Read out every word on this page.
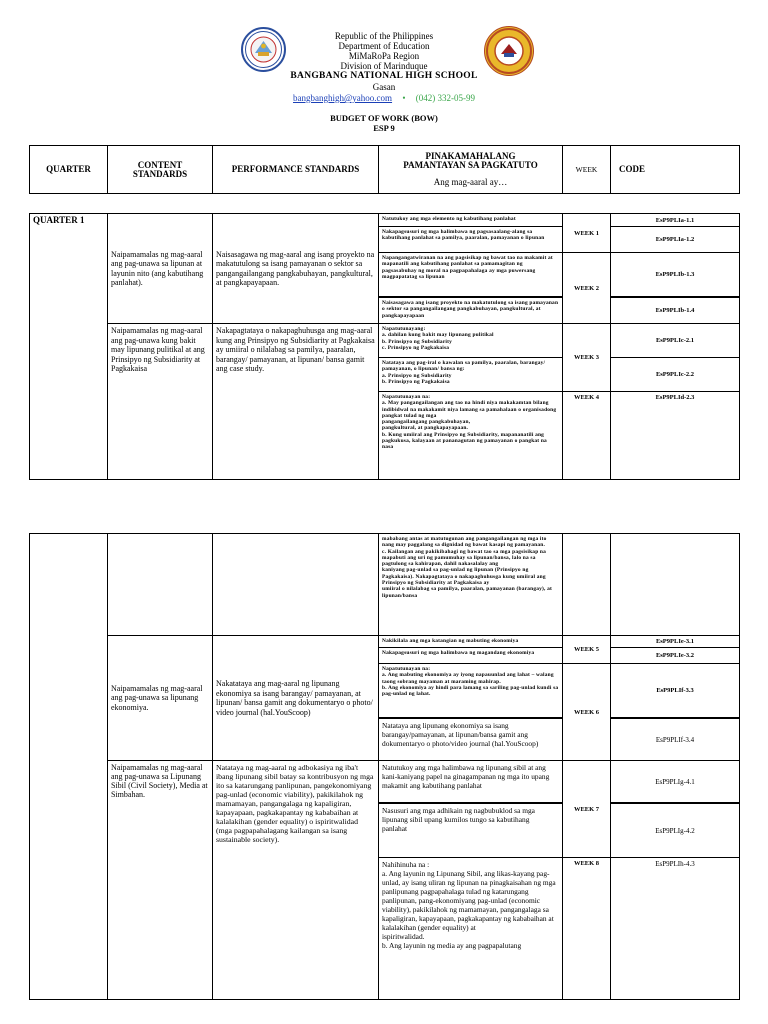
Republic of the Philippines
Department of Education
MiMaRoPa Region
Division of Marinduque
BANGBANG NATIONAL HIGH SCHOOL
Gasan
bangbanghigh@yahoo.com • (042) 332-05-99
BUDGET OF WORK (BOW)
ESP 9
QUARTER	CONTENT STANDARDS	PERFORMANCE STANDARDS	
PINAKAMAHALANG PAMANTAYAN SA PAGKATUTO
Ang mag-aaral ay…
	WEEK	CODE
QUARTER 1	Naipamamalas ng mag-aaral ang pag-unawa sa lipunan at layunin nito (ang kabutihang panlahat).	Naisasagawa ng mag-aaral ang isang proyekto na makatutulong sa isang pamayanan o sektor sa pangangailangang pangkabuhayan, pangkultural, at pangkapayapaan.	Natutukoy ang mga elemento ng kabutihang panlahat	WEEK 1	EsP9PLIa-1.1
			Nakapagsusuri ng mga halimbawa ng pagsasaalang-alang sa kabutihang panlahat sa pamilya, paaralan, pamayanan o lipunan		EsP9PLIa-1.2
			Napangangatwiranan na ang pagsisikap ng bawat tao na makamit at mapanatili ang kabutihang panlahat sa pamamagitan ng pagsasabuhay ng moral na pagpapahalaga ay mga puwersang magpapatatag sa lipunan	WEEK 2	EsP9PLIb-1.3

			Naisasagawa ang isang proyekto na makatutulong sa isang pamayanan o sektor sa pangangailangang pangkabuhayan, pangkultural, at pangkapayapaan		EsP9PLIb-1.4
	Naipamamalas ng mag-aaral ang pag-unawa kung bakit may lipunang pulitikal at ang Prinsipyo ng Subsidiarity at Pagkakaisa	Nakapagtataya o nakapaghuhusga ang mag-aaral kung ang Prinsipyo ng Subsidiarity at Pagkakaisa ay umiiral o nilalabag sa pamilya, paaralan, barangay/ pamayanan, at lipunan/ bansa gamit ang case study.	Napatutunayang:
a. dahilan kung bakit may lipunang pulitikal
b. Prinsipyo ng Subsidiarity
c. Prinsipyo ng Pagkakaisa	WEEK 3	EsP9PLIc-2.1
			Natataya ang pag-iral o kawalan sa pamilya, paaralan, barangay/ pamayanan, o lipunan/ bansa ng:
a. Prinsipyo ng Subsidiarity
b. Prinsipyo ng Pagkakaisa		EsP9PLIc-2.2
			Napatutunayan na:
a. May pangangailangan ang tao na hindi niya makakamtan bilang indibidwal na makakamit niya lamang sa pamahalaan o organisadong pangkat tulad ng mga
pangangailangang pangkabuhayan,
pangkultural, at pangkapayapaan.
b. Kung umiiral ang Prinsipyo ng Subsidiarity, mapananatili ang pagkukusa, kalayaan at pananagutan ng pamayanan o pangkat na nasa	WEEK 4	EsP9PLId-2.3
			mababang antas at matutugunan ang pangangailangan ng mga ito nang may paggalang sa dignidad ng bawat kasapi ng pamayanan.
c. Kailangan ang pakikibahagi ng bawat tao sa mga pagsisikap na mapabuti ang uri ng pamumuhay sa lipunan/bansa, lalo na sa pagtulong sa kahirapan, dahil nakasalalay ang
kaniyang pag-unlad sa pag-unlad ng lipunan (Prinsipyo ng Pagkakaisa). Nakapagtataya o nakapaghuhusga kung umiiral ang Prinsipyo ng Subsidiarity at Pagkakaisa ay
umiiral o nilalabag sa pamilya, paaralan, pamayanan (barangay), at lipunan/bansa		
	Naipamamalas ng mag-aaral ang pag-unawa sa lipunang ekonomiya.	Nakatataya ang mag-aaral ng lipunang ekonomiya sa isang barangay/ pamayanan, at lipunan/ bansa gamit ang dokumentaryo o photo/ video journal (hal.YouScoop)	Nakikilala ang mga katangian ng mabuting ekonomiya	WEEK 5	EsP9PLIe-3.1
			Nakapagsusuri ng mga halimbawa ng magandang ekonomiya		EsP9PLIe-3.2
			Napatutunayan na:
a. Ang mabuting ekonomiya ay iyong napauunlad ang lahat – walang taong sobrang mayaman at maraming mahirap.
b. Ang ekonomiya ay hindi para lamang sa sariling pag-unlad kundi sa pag-unlad ng lahat.	WEEK 6	EsP9PLIf-3.3

			Natataya ang lipunang ekonomiya sa isang barangay/pamayanan, at lipunan/bansa gamit ang dokumentaryo o photo/video journal (hal.YouScoop)		EsP9PLIf-3.4
	Naipamamalas ng mag-aaral ang pag-unawa sa Lipunang Sibil (Civil Society), Media at Simbahan.	Natataya ng mag-aaral ng adbokasiya ng iba't ibang lipunang sibil batay sa kontribusyon ng mga ito sa katarungang panlipunan, pangekonomiyang pag-unlad (economic viability), pakikilahok ng mamamayan, pangangalaga ng kapaligiran, kapayapaan, pagkakapantay ng kababaihan at kalalakihan (gender equality) o ispiritwalidad (mga pagpapahalagang kailangan sa isang sustainable society).	Natutukoy ang mga halimbawa ng lipunang sibil at ang kani-kaniyang papel na ginagampanan ng mga ito upang makamit ang kabutihang panlahat	WEEK 7	EsP9PLIg-4.1

			Nasusuri ang mga adhikain ng nagbubuklod sa mga
lipunang sibil upang kumilos tungo sa kabutihang
panlahat		EsP9PLIg-4.2
			Nahihinuha na :
a. Ang layunin ng Lipunang Sibil, ang likas-kayang pag-unlad, ay isang uliran ng lipunan na pinagkaisahan ng mga panlipunang pagpapahalaga tulad ng katarungang panlipunan, pang-ekonomiyang pag-unlad (economic viability), pakikilahok ng mamamayan, pangangalaga sa kapaligiran, kapayapaan, pagkakapantay ng kababaihan at kalalakihan (gender equality) at
ispiritwalidad.
b. Ang layunin ng media ay ang pagpapalutang	WEEK 8	EsP9PLIh-4.3
